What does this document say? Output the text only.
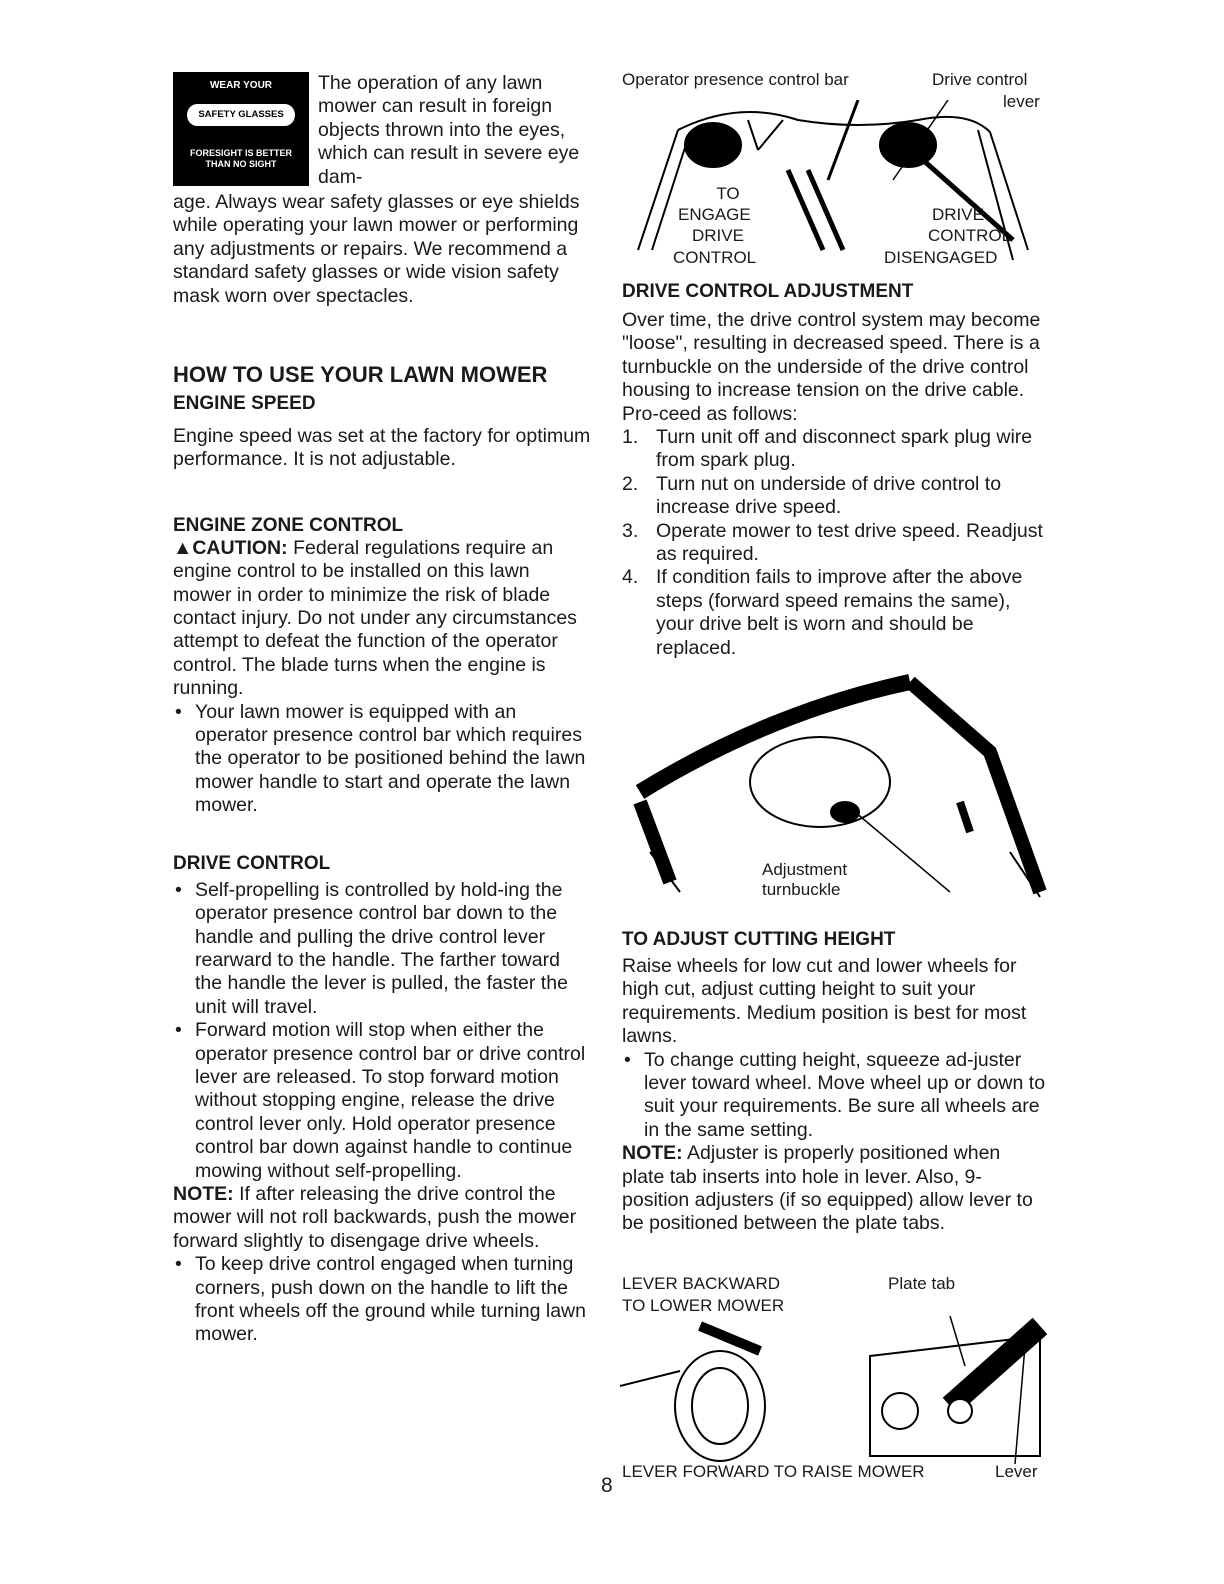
WEAR YOUR
SAFETY GLASSES
FORESIGHT IS BETTER
THAN NO SIGHT
The operation of any lawn mower can result in foreign objects thrown into the eyes, which can result in severe eye dam-
age. Always wear safety glasses or eye shields while operating your lawn mower or performing any adjustments or repairs. We recommend a standard safety glasses or wide vision safety mask worn over spectacles.
HOW TO USE YOUR LAWN MOWER
ENGINE SPEED

Engine speed was set at the factory for optimum performance. It is not adjustable.

ENGINE ZONE CONTROL

▲CAUTION: Federal regulations require an engine control to be installed on this lawn mower in order to minimize the risk of blade contact injury. Do not under any circumstances attempt to defeat the function of the operator control. The blade turns when the engine is running.

• Your lawn mower is equipped with an operator presence control bar which requires the operator to be positioned behind the lawn mower handle to start and operate the lawn mower.

DRIVE CONTROL

• Self-propelling is controlled by hold-ing the operator presence control bar down to the handle and pulling the drive control lever rearward to the handle. The farther toward the handle the lever is pulled, the faster the unit will travel.

• Forward motion will stop when either the operator presence control bar or drive control lever are released. To stop forward motion without stopping engine, release the drive control lever only. Hold operator presence control bar down against handle to continue mowing without self-propelling.

NOTE: If after releasing the drive control the mower will not roll backwards, push the mower forward slightly to disengage drive wheels.

• To keep drive control engaged when turning corners, push down on the handle to lift the front wheels off the ground while turning lawn mower.

Operator presence control bar	Drive control
lever
TO
ENGAGE
DRIVE
CONTROL
DRIVE
CONTROL
DISENGAGED
DRIVE CONTROL ADJUSTMENT

Over time, the drive control system may become "loose", resulting in decreased speed. There is a turnbuckle on the underside of the drive control housing to increase tension on the drive cable. Pro-ceed as follows:

1. Turn unit off and disconnect spark plug wire from spark plug.
2. Turn nut on underside of drive control to increase drive speed.
3. Operate mower to test drive speed. Readjust as required.
4. If condition fails to improve after the above steps (forward speed remains the same), your drive belt is worn and should be replaced.
Adjustment
turnbuckle
TO ADJUST CUTTING HEIGHT

Raise wheels for low cut and lower wheels for high cut, adjust cutting height to suit your requirements. Medium position is best for most lawns.

• To change cutting height, squeeze ad-juster lever toward wheel. Move wheel up or down to suit your requirements. Be sure all wheels are in the same setting.

NOTE: Adjuster is properly positioned when plate tab inserts into hole in lever. Also, 9-position adjusters (if so equipped) allow lever to be positioned between the plate tabs.

LEVER BACKWARD
TO LOWER MOWER
Plate tab
LEVER FORWARD TO RAISE MOWER	Lever
8
